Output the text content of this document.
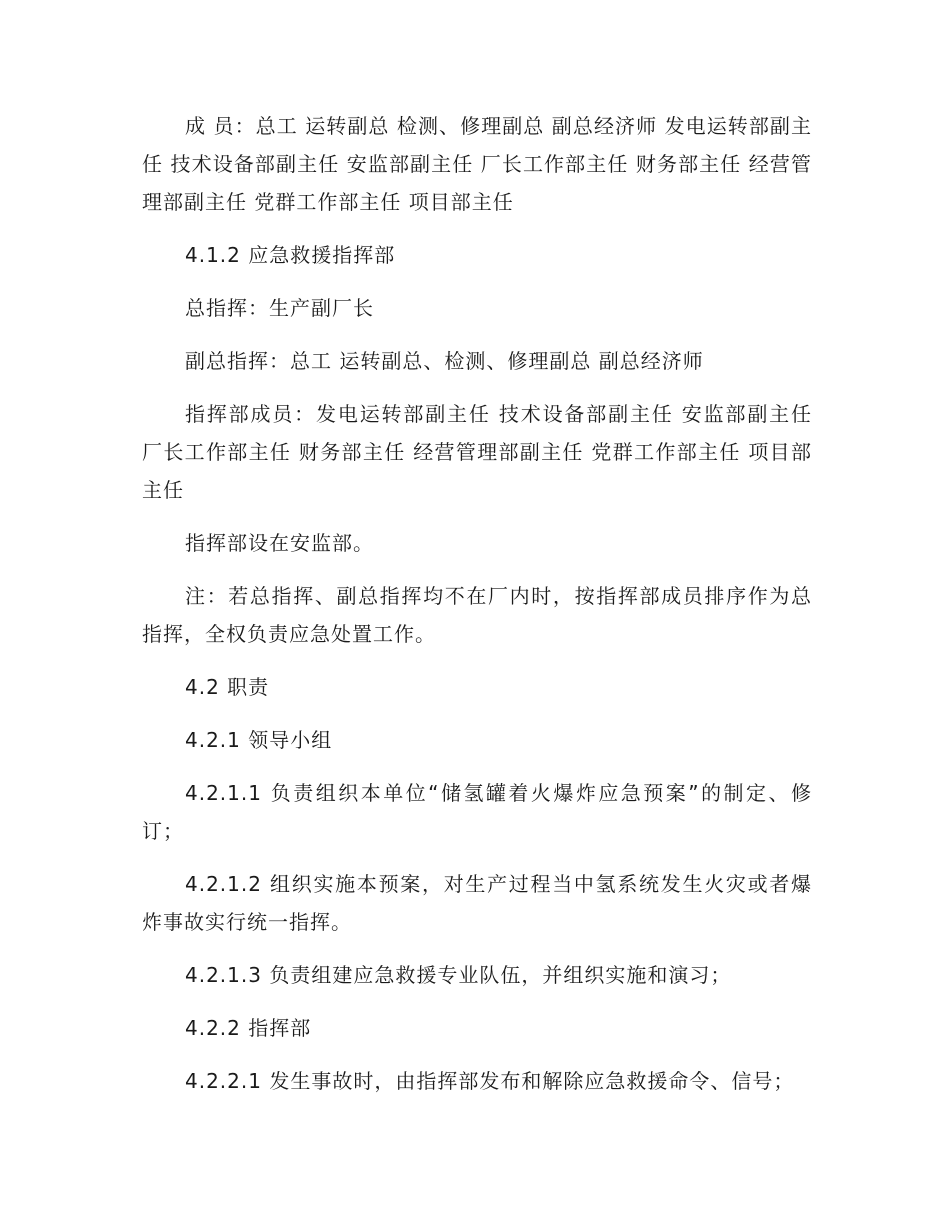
成 员：总工 运转副总 检测、修理副总 副总经济师 发电运转部副主任 技术设备部副主任 安监部副主任 厂长工作部主任 财务部主任 经营管理部副主任 党群工作部主任 项目部主任

4.1.2 应急救援指挥部

总指挥：生产副厂长

副总指挥：总工 运转副总、检测、修理副总 副总经济师

指挥部成员：发电运转部副主任 技术设备部副主任 安监部副主任 厂长工作部主任 财务部主任 经营管理部副主任 党群工作部主任 项目部主任

指挥部设在安监部。

注：若总指挥、副总指挥均不在厂内时，按指挥部成员排序作为总指挥，全权负责应急处置工作。

4.2 职责

4.2.1 领导小组

4.2.1.1 负责组织本单位“储氢罐着火爆炸应急预案”的制定、修订；

4.2.1.2 组织实施本预案，对生产过程当中氢系统发生火灾或者爆炸事故实行统一指挥。

4.2.1.3 负责组建应急救援专业队伍，并组织实施和演习；

4.2.2 指挥部

4.2.2.1 发生事故时，由指挥部发布和解除应急救援命令、信号；
